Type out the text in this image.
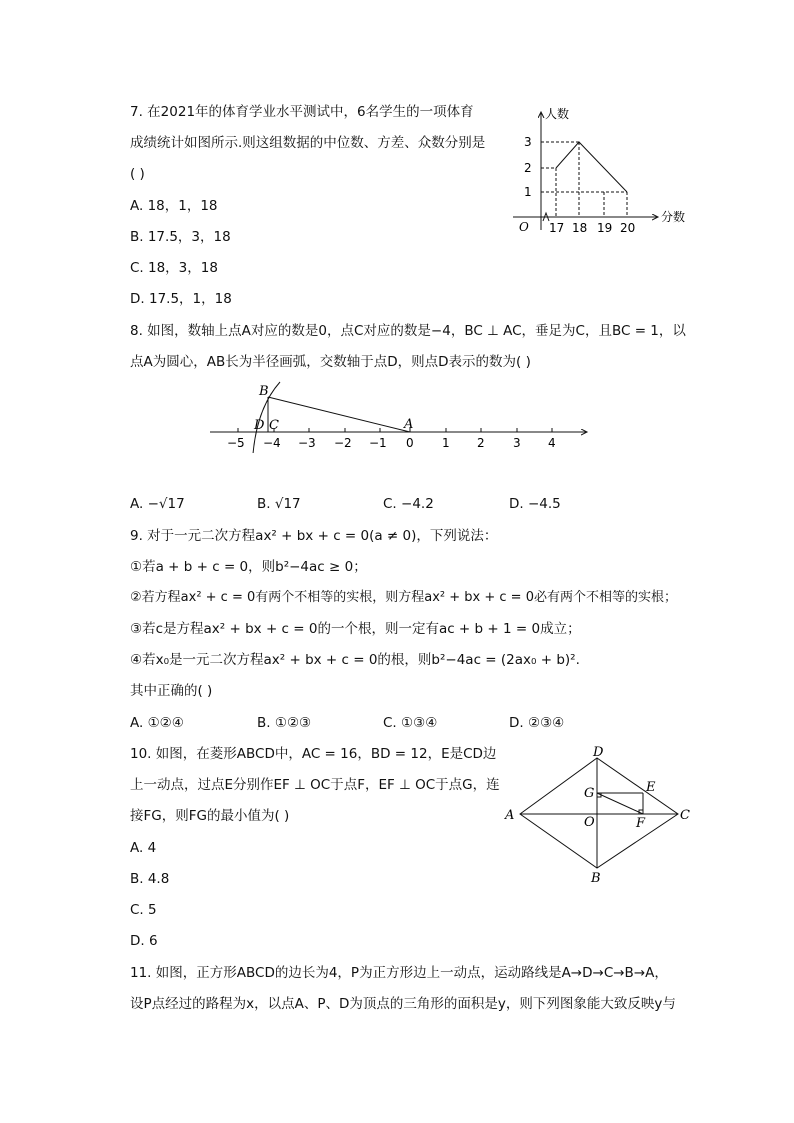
7. 在2021年的体育学业水平测试中，6名学生的一项体育
成绩统计如图所示.则这组数据的中位数、方差、众数分别是
( )
A. 18，1，18
B. 17.5，3，18
C. 18，3，18
D. 17.5，1，18
人数
分数
O
3
2
1
17 18 19 20
8. 如图，数轴上点A对应的数是0，点C对应的数是−4，BC ⊥ AC，垂足为C，且BC = 1，以
点A为圆心，AB长为半径画弧，交数轴于点D，则点D表示的数为( )
B
D C	A
−5 −4 −3 −2 −1 0 1 2 3 4
A. −√17	B. √17	C. −4.2	D. −4.5
9. 对于一元二次方程ax² + bx + c = 0(a ≠ 0)，下列说法：
①若a + b + c = 0，则b²−4ac ≥ 0；
②若方程ax² + c = 0有两个不相等的实根，则方程ax² + bx + c = 0必有两个不相等的实根；
③若c是方程ax² + bx + c = 0的一个根，则一定有ac + b + 1 = 0成立；
④若x₀是一元二次方程ax² + bx + c = 0的根，则b²−4ac = (2ax₀ + b)².
其中正确的( )
A. ①②④	B. ①②③	C. ①③④	D. ②③④
10. 如图，在菱形ABCD中，AC = 16，BD = 12，E是CD边
上一动点，过点E分别作EF ⊥ OC于点F，EF ⊥ OC于点G，连
接FG，则FG的最小值为( )
A. 4
B. 4.8
C. 5
D. 6
D
A	C
B
O
G	E
F
11. 如图，正方形ABCD的边长为4，P为正方形边上一动点，运动路线是A→D→C→B→A，
设P点经过的路程为x，以点A、P、D为顶点的三角形的面积是y，则下列图象能大致反映y与
